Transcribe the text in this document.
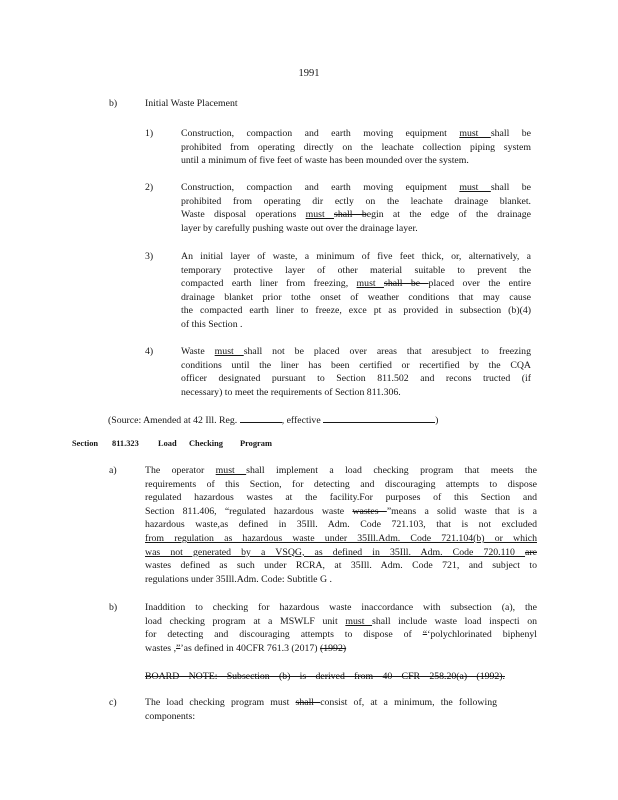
1991
b)	Initial Waste Placement
1)	Construction, compaction and earth moving equipment must shall be
prohibited from operating directly on the leachate collection piping system
until a minimum of five feet of waste has been mounded over the system.
2)	Construction, compaction and earth moving equipment must shall be
prohibited from operating dir ectly on the leachate drainage blanket.
Waste disposal operations must shall begin at the edge of the drainage
layer by carefully pushing waste out over the drainage layer.
3)	An initial layer of waste, a minimum of five feet thick, or, alternatively, a
temporary protective layer of other material suitable to prevent the
compacted earth liner from freezing, must shall be placed over the entire
drainage blanket prior tothe onset of weather conditions that may cause
the compacted earth liner to freeze, exce pt as provided in subsection (b)(4)
of this Section .
4)	Waste must shall not be placed over areas that aresubject to freezing
conditions until the liner has been certified or recertified by the CQA
officer designated pursuant to Section 811.502 and recons tructed (if
necessary) to meet the requirements of Section 811.306.
(Source: Amended at 42 Ill. Reg.	, effective	)
Section 811.323 Load Checking Program
a)	The operator must shall implement a load checking program that meets the
requirements of this Section, for detecting and discouraging attempts to dispose
regulated hazardous wastes at the facility.For purposes of this Section and
Section 811.406, “regulated hazardous waste wastes ”means a solid waste that is a
hazardous waste,as defined in 35Ill. Adm. Code 721.103, that is not excluded
from regulation as hazardous waste under 35Ill.Adm. Code 721.104(b) or which
was not generated by a VSQG, as defined in 35Ill. Adm. Code 720.110 are
wastes defined as such under RCRA, at 35Ill. Adm. Code 721, and subject to
regulations under 35Ill.Adm. Code: Subtitle G .
b)	Inaddition to checking for hazardous waste inaccordance with subsection (a), the
load checking program at a MSWLF unit must shall include waste load inspecti on
for detecting and discouraging attempts to dispose of “‘polychlorinated biphenyl
wastes ,”’as defined in 40CFR 761.3 (2017) (1992)
BOARD NOTE: Subsection (b) is derived from 40 CFR 258.20(a) (1992).
c)	The load checking program must shall consist of, at a minimum, the following
components:
